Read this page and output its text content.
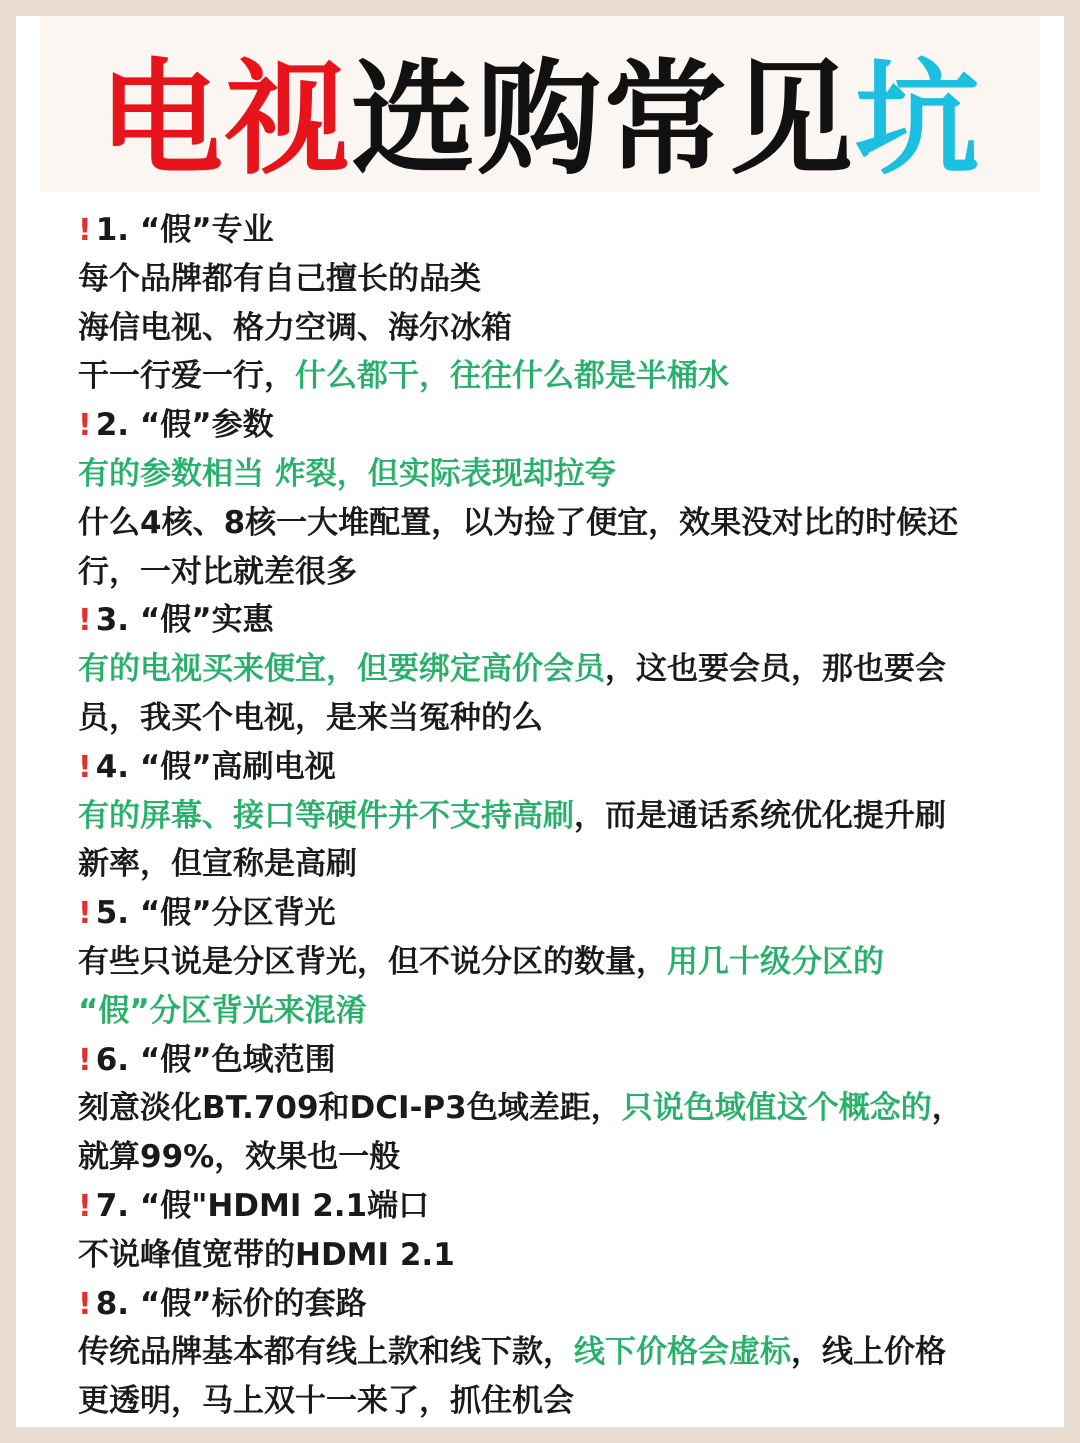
电视选购常见坑
! 1. “假”专业
每个品牌都有自己擅长的品类
海信电视、格力空调、海尔冰箱
干一行爱一行，什么都干，往往什么都是半桶水
! 2. “假”参数
有的参数相当 炸裂，但实际表现却拉夸
什么4核、8核一大堆配置，以为捡了便宜，效果没对比的时候还
行，一对比就差很多
! 3. “假”实惠
有的电视买来便宜，但要绑定高价会员，这也要会员，那也要会
员，我买个电视，是来当冤种的么
! 4. “假”高刷电视
有的屏幕、接口等硬件并不支持高刷，而是通话系统优化提升刷
新率，但宣称是高刷
! 5. “假”分区背光
有些只说是分区背光，但不说分区的数量，用几十级分区的
“假”分区背光来混淆
! 6. “假”色域范围
刻意淡化BT.709和DCI-P3色域差距，只说色域值这个概念的，
就算99%，效果也一般
! 7. “假"HDMI 2.1端口
不说峰值宽带的HDMI 2.1
! 8. “假”标价的套路
传统品牌基本都有线上款和线下款，线下价格会虚标，线上价格
更透明，马上双十一来了，抓住机会
